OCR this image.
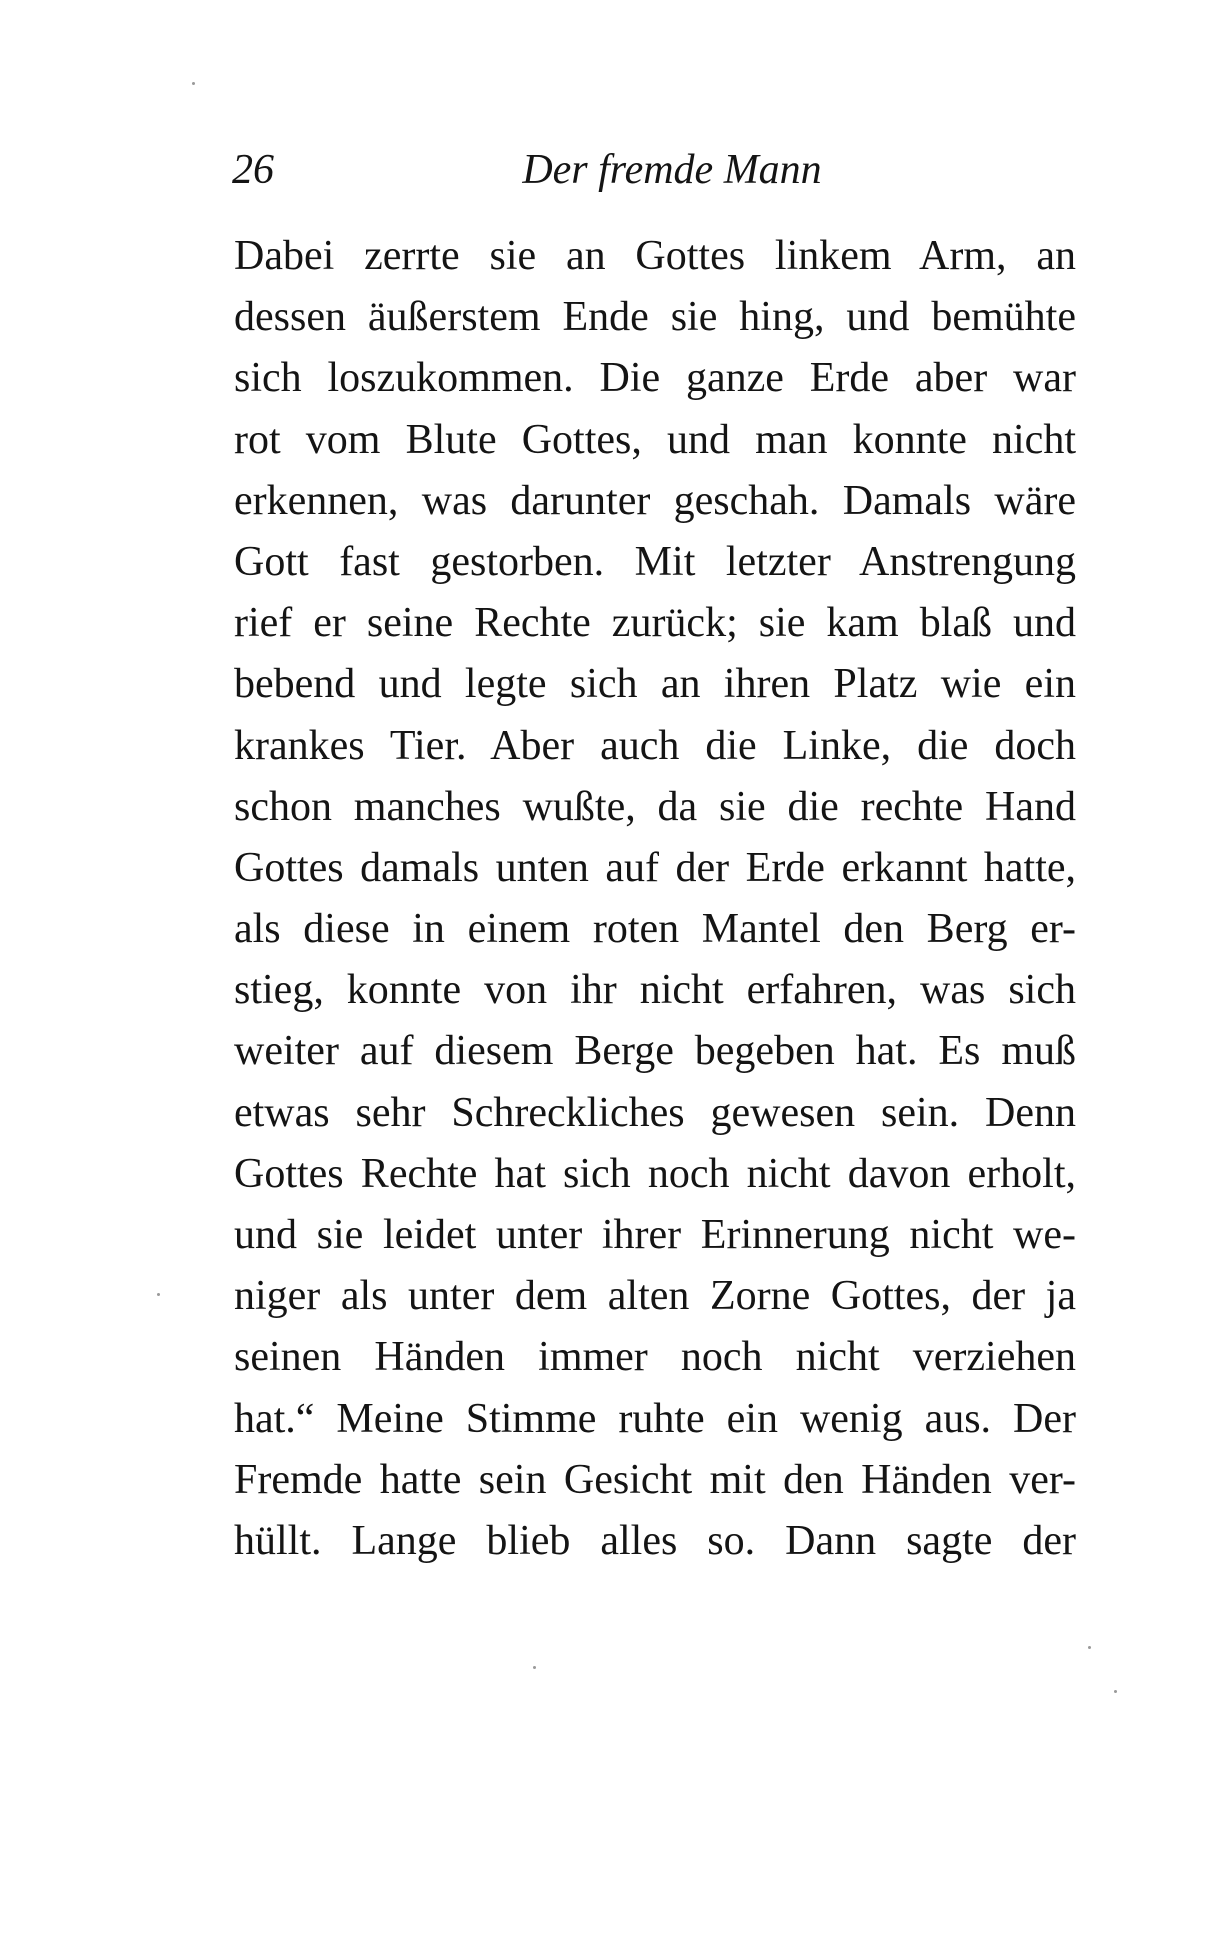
26	Der fremde Mann
Dabei zerrte sie an Gottes linkem Arm, an
dessen äußerstem Ende sie hing, und bemühte
sich loszukommen. Die ganze Erde aber war
rot vom Blute Gottes, und man konnte nicht
erkennen, was darunter geschah. Damals wäre
Gott fast gestorben. Mit letzter Anstrengung
rief er seine Rechte zurück; sie kam blaß und
bebend und legte sich an ihren Platz wie ein
krankes Tier. Aber auch die Linke, die doch
schon manches wußte, da sie die rechte Hand
Gottes damals unten auf der Erde erkannt hatte,
als diese in einem roten Mantel den Berg er-
stieg, konnte von ihr nicht erfahren, was sich
weiter auf diesem Berge begeben hat. Es muß
etwas sehr Schreckliches gewesen sein. Denn
Gottes Rechte hat sich noch nicht davon erholt,
und sie leidet unter ihrer Erinnerung nicht we-
niger als unter dem alten Zorne Gottes, der ja
seinen Händen immer noch nicht verziehen
hat.“ Meine Stimme ruhte ein wenig aus. Der
Fremde hatte sein Gesicht mit den Händen ver-
hüllt. Lange blieb alles so. Dann sagte der
